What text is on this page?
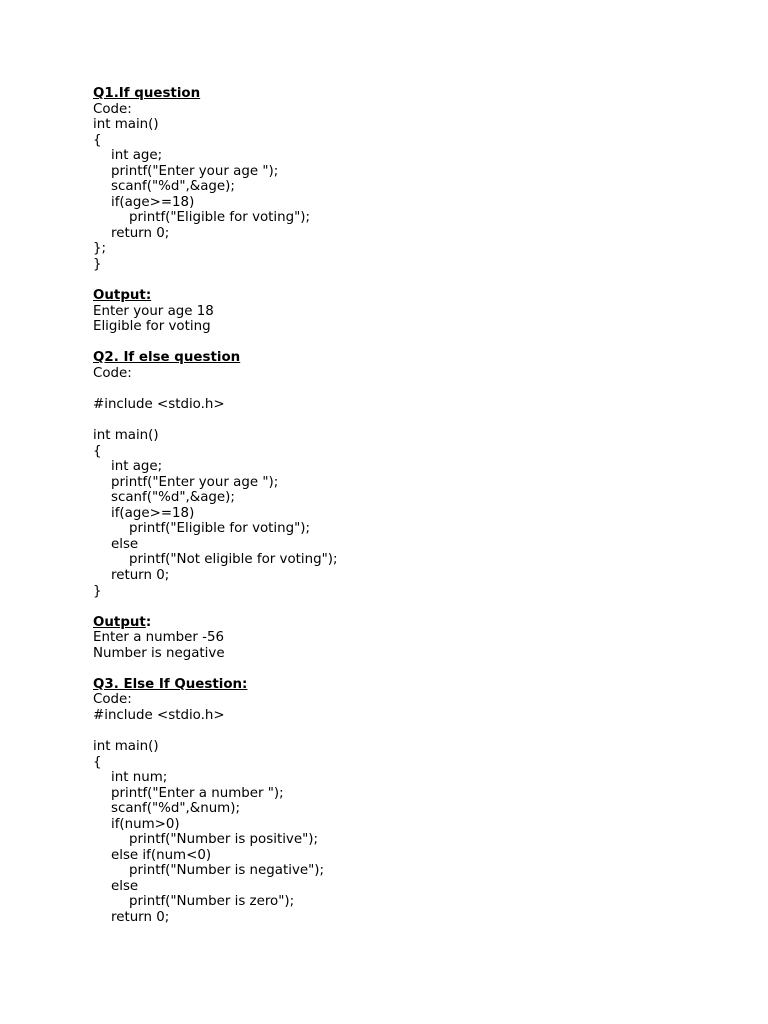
Q1.If question
Code:
int main()
{
int age;
printf("Enter your age ");
scanf("%d",&age);
if(age>=18)
printf("Eligible for voting");
return 0;
};
}
Output:
Enter your age 18
Eligible for voting
Q2. If else question
Code:
#include <stdio.h>
int main()
{
int age;
printf("Enter your age ");
scanf("%d",&age);
if(age>=18)
printf("Eligible for voting");
else
printf("Not eligible for voting");
return 0;
}
Output:
Enter a number -56
Number is negative
Q3. Else If Question:
Code:
#include <stdio.h>
int main()
{
int num;
printf("Enter a number ");
scanf("%d",&num);
if(num>0)
printf("Number is positive");
else if(num<0)
printf("Number is negative");
else
printf("Number is zero");
return 0;
